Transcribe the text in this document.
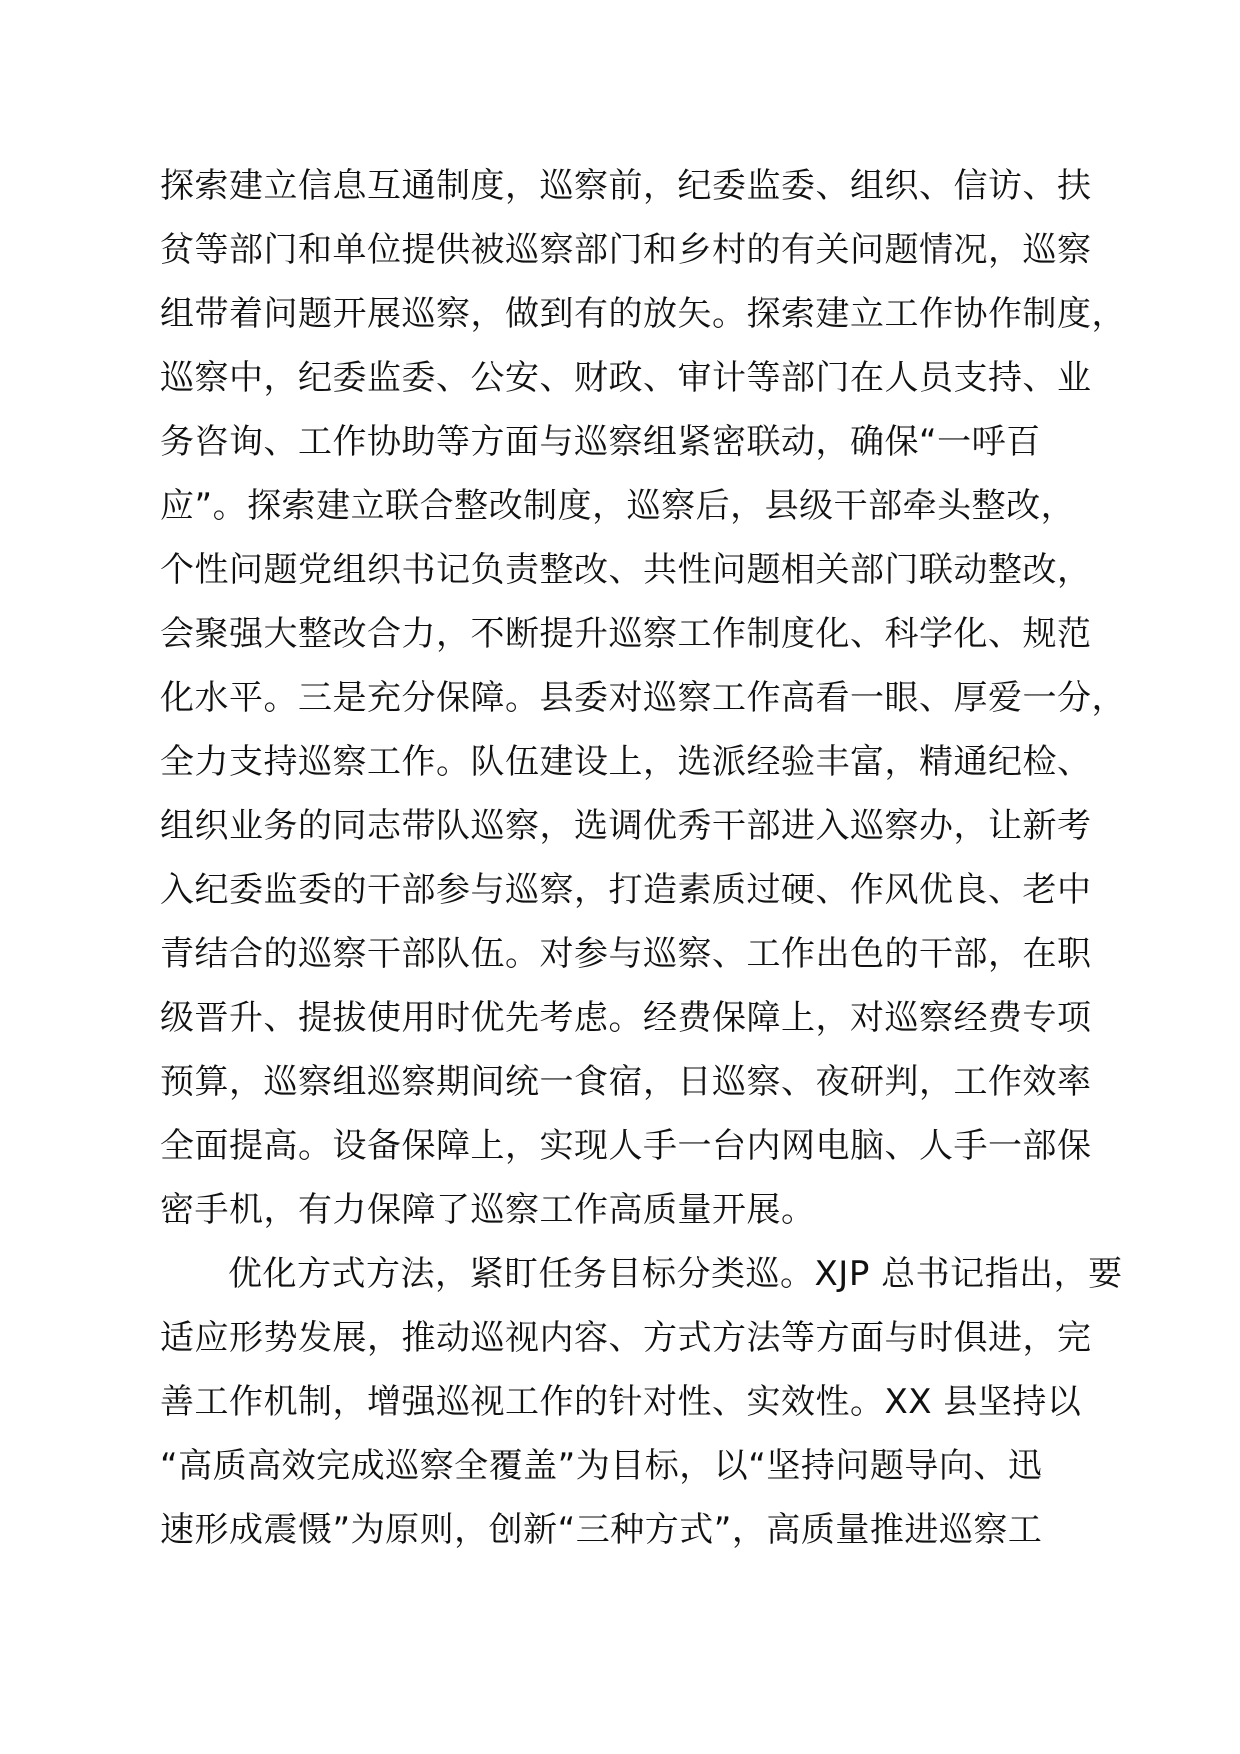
探索建立信息互通制度，巡察前，纪委监委、组织、信访、扶
贫等部门和单位提供被巡察部门和乡村的有关问题情况，巡察
组带着问题开展巡察，做到有的放矢。探索建立工作协作制度，
巡察中，纪委监委、公安、财政、审计等部门在人员支持、业
务咨询、工作协助等方面与巡察组紧密联动，确保“一呼百
应”。探索建立联合整改制度，巡察后，县级干部牵头整改，
个性问题党组织书记负责整改、共性问题相关部门联动整改，
会聚强大整改合力，不断提升巡察工作制度化、科学化、规范
化水平。三是充分保障。县委对巡察工作高看一眼、厚爱一分，
全力支持巡察工作。队伍建设上，选派经验丰富，精通纪检、
组织业务的同志带队巡察，选调优秀干部进入巡察办，让新考
入纪委监委的干部参与巡察，打造素质过硬、作风优良、老中
青结合的巡察干部队伍。对参与巡察、工作出色的干部，在职
级晋升、提拔使用时优先考虑。经费保障上，对巡察经费专项
预算，巡察组巡察期间统一食宿，日巡察、夜研判，工作效率
全面提高。设备保障上，实现人手一台内网电脑、人手一部保
密手机，有力保障了巡察工作高质量开展。
优化方式方法，紧盯任务目标分类巡。XJP 总书记指出，要
适应形势发展，推动巡视内容、方式方法等方面与时俱进，完
善工作机制，增强巡视工作的针对性、实效性。XX 县坚持以
“高质高效完成巡察全覆盖”为目标，以“坚持问题导向、迅
速形成震慑”为原则，创新“三种方式”，高质量推进巡察工
